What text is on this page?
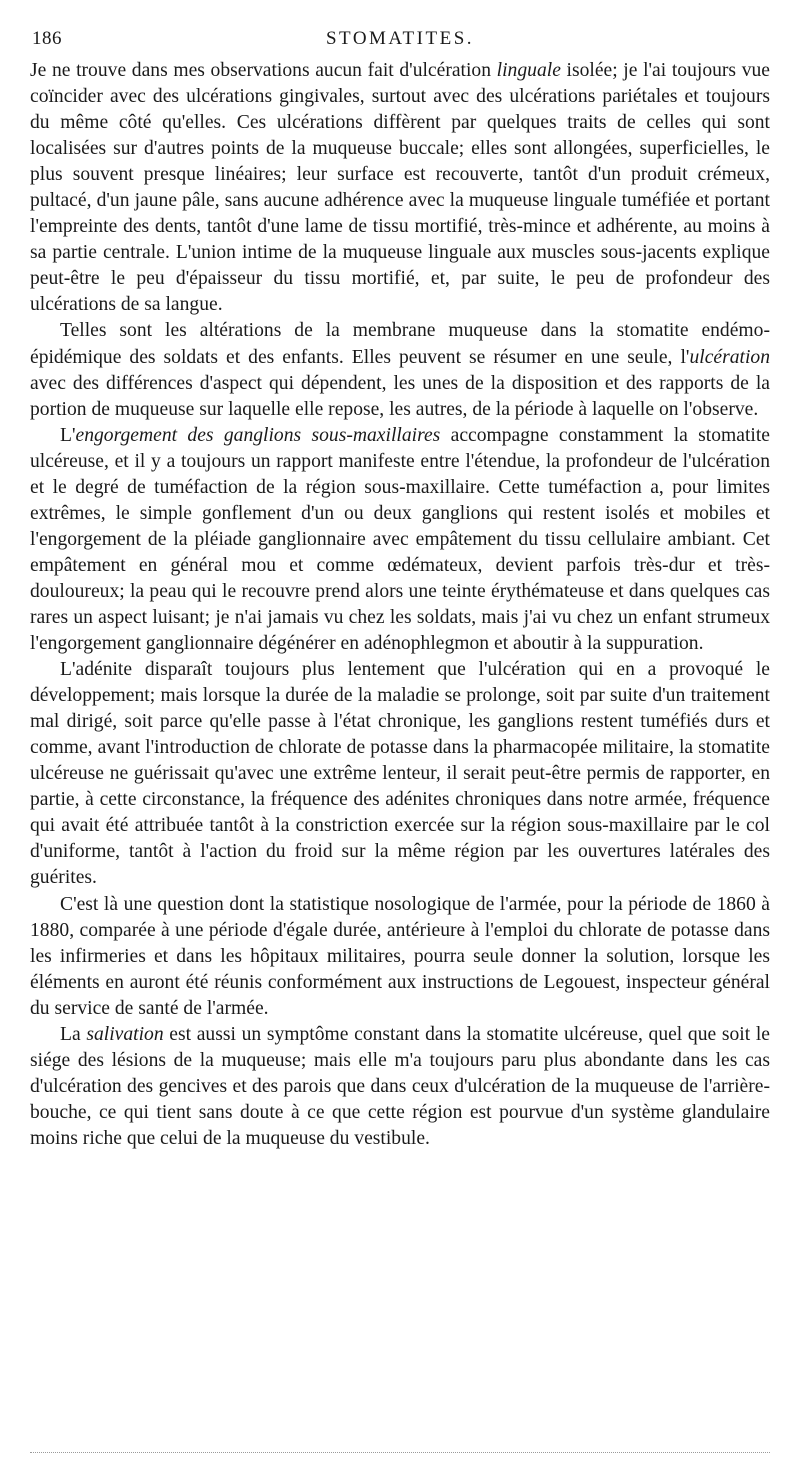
186	STOMATITES.

Je ne trouve dans mes observations aucun fait d'ulcération linguale isolée; je l'ai toujours vue coïncider avec des ulcérations gingivales, surtout avec des ulcérations pariétales et toujours du même côté qu'elles. Ces ulcérations diffèrent par quelques traits de celles qui sont localisées sur d'autres points de la muqueuse buccale; elles sont allongées, superficielles, le plus souvent presque linéaires; leur surface est recouverte, tantôt d'un produit crémeux, pultacé, d'un jaune pâle, sans aucune adhérence avec la muqueuse linguale tuméfiée et portant l'empreinte des dents, tantôt d'une lame de tissu mortifié, très-mince et adhérente, au moins à sa partie centrale. L'union intime de la muqueuse linguale aux muscles sous-jacents explique peut-être le peu d'épaisseur du tissu mortifié, et, par suite, le peu de profondeur des ulcérations de sa langue.

Telles sont les altérations de la membrane muqueuse dans la stomatite endémo-épidémique des soldats et des enfants. Elles peuvent se résumer en une seule, l'ulcération avec des différences d'aspect qui dépendent, les unes de la disposition et des rapports de la portion de muqueuse sur laquelle elle repose, les autres, de la période à laquelle on l'observe.

L'engorgement des ganglions sous-maxillaires accompagne constamment la stomatite ulcéreuse, et il y a toujours un rapport manifeste entre l'étendue, la profondeur de l'ulcération et le degré de tuméfaction de la région sous-maxillaire. Cette tuméfaction a, pour limites extrêmes, le simple gonflement d'un ou deux ganglions qui restent isolés et mobiles et l'engorgement de la pléiade ganglionnaire avec empâtement du tissu cellulaire ambiant. Cet empâtement en général mou et comme œdémateux, devient parfois très-dur et très-douloureux; la peau qui le recouvre prend alors une teinte érythémateuse et dans quelques cas rares un aspect luisant; je n'ai jamais vu chez les soldats, mais j'ai vu chez un enfant strumeux l'engorgement ganglionnaire dégénérer en adénophlegmon et aboutir à la suppuration.

L'adénite disparaît toujours plus lentement que l'ulcération qui en a provoqué le développement; mais lorsque la durée de la maladie se prolonge, soit par suite d'un traitement mal dirigé, soit parce qu'elle passe à l'état chronique, les ganglions restent tuméfiés durs et comme, avant l'introduction de chlorate de potasse dans la pharmacopée militaire, la stomatite ulcéreuse ne guérissait qu'avec une extrême lenteur, il serait peut-être permis de rapporter, en partie, à cette circonstance, la fréquence des adénites chroniques dans notre armée, fréquence qui avait été attribuée tantôt à la constriction exercée sur la région sous-maxillaire par le col d'uniforme, tantôt à l'action du froid sur la même région par les ouvertures latérales des guérites.

C'est là une question dont la statistique nosologique de l'armée, pour la période de 1860 à 1880, comparée à une période d'égale durée, antérieure à l'emploi du chlorate de potasse dans les infirmeries et dans les hôpitaux militaires, pourra seule donner la solution, lorsque les éléments en auront été réunis conformément aux instructions de Legouest, inspecteur général du service de santé de l'armée.

La salivation est aussi un symptôme constant dans la stomatite ulcéreuse, quel que soit le siége des lésions de la muqueuse; mais elle m'a toujours paru plus abondante dans les cas d'ulcération des gencives et des parois que dans ceux d'ulcération de la muqueuse de l'arrière-bouche, ce qui tient sans doute à ce que cette région est pourvue d'un système glandulaire moins riche que celui de la muqueuse du vestibule.
